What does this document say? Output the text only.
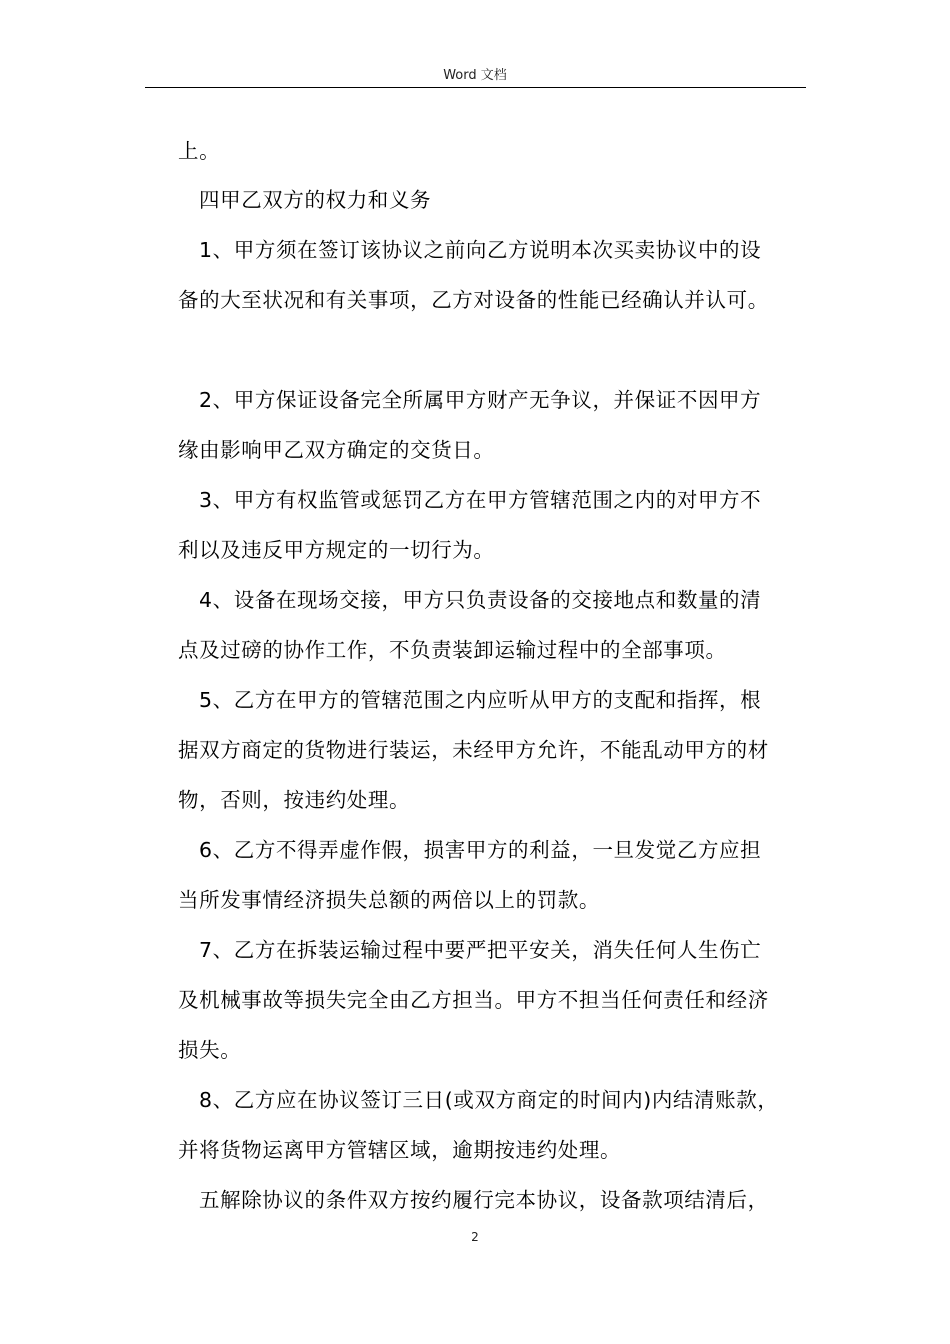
Word 文档
上。
四甲乙双方的权力和义务
1、甲方须在签订该协议之前向乙方说明本次买卖协议中的设
备的大至状况和有关事项，乙方对设备的性能已经确认并认可。
2、甲方保证设备完全所属甲方财产无争议，并保证不因甲方
缘由影响甲乙双方确定的交货日。
3、甲方有权监管或惩罚乙方在甲方管辖范围之内的对甲方不
利以及违反甲方规定的一切行为。
4、设备在现场交接，甲方只负责设备的交接地点和数量的清
点及过磅的协作工作，不负责装卸运输过程中的全部事项。
5、乙方在甲方的管辖范围之内应听从甲方的支配和指挥，根
据双方商定的货物进行装运，未经甲方允许，不能乱动甲方的材
物，否则，按违约处理。
6、乙方不得弄虚作假，损害甲方的利益，一旦发觉乙方应担
当所发事情经济损失总额的两倍以上的罚款。
7、乙方在拆装运输过程中要严把平安关，消失任何人生伤亡
及机械事故等损失完全由乙方担当。甲方不担当任何责任和经济
损失。
8、乙方应在协议签订三日(或双方商定的时间内)内结清账款，
并将货物运离甲方管辖区域，逾期按违约处理。
五解除协议的条件双方按约履行完本协议，设备款项结清后，
2
